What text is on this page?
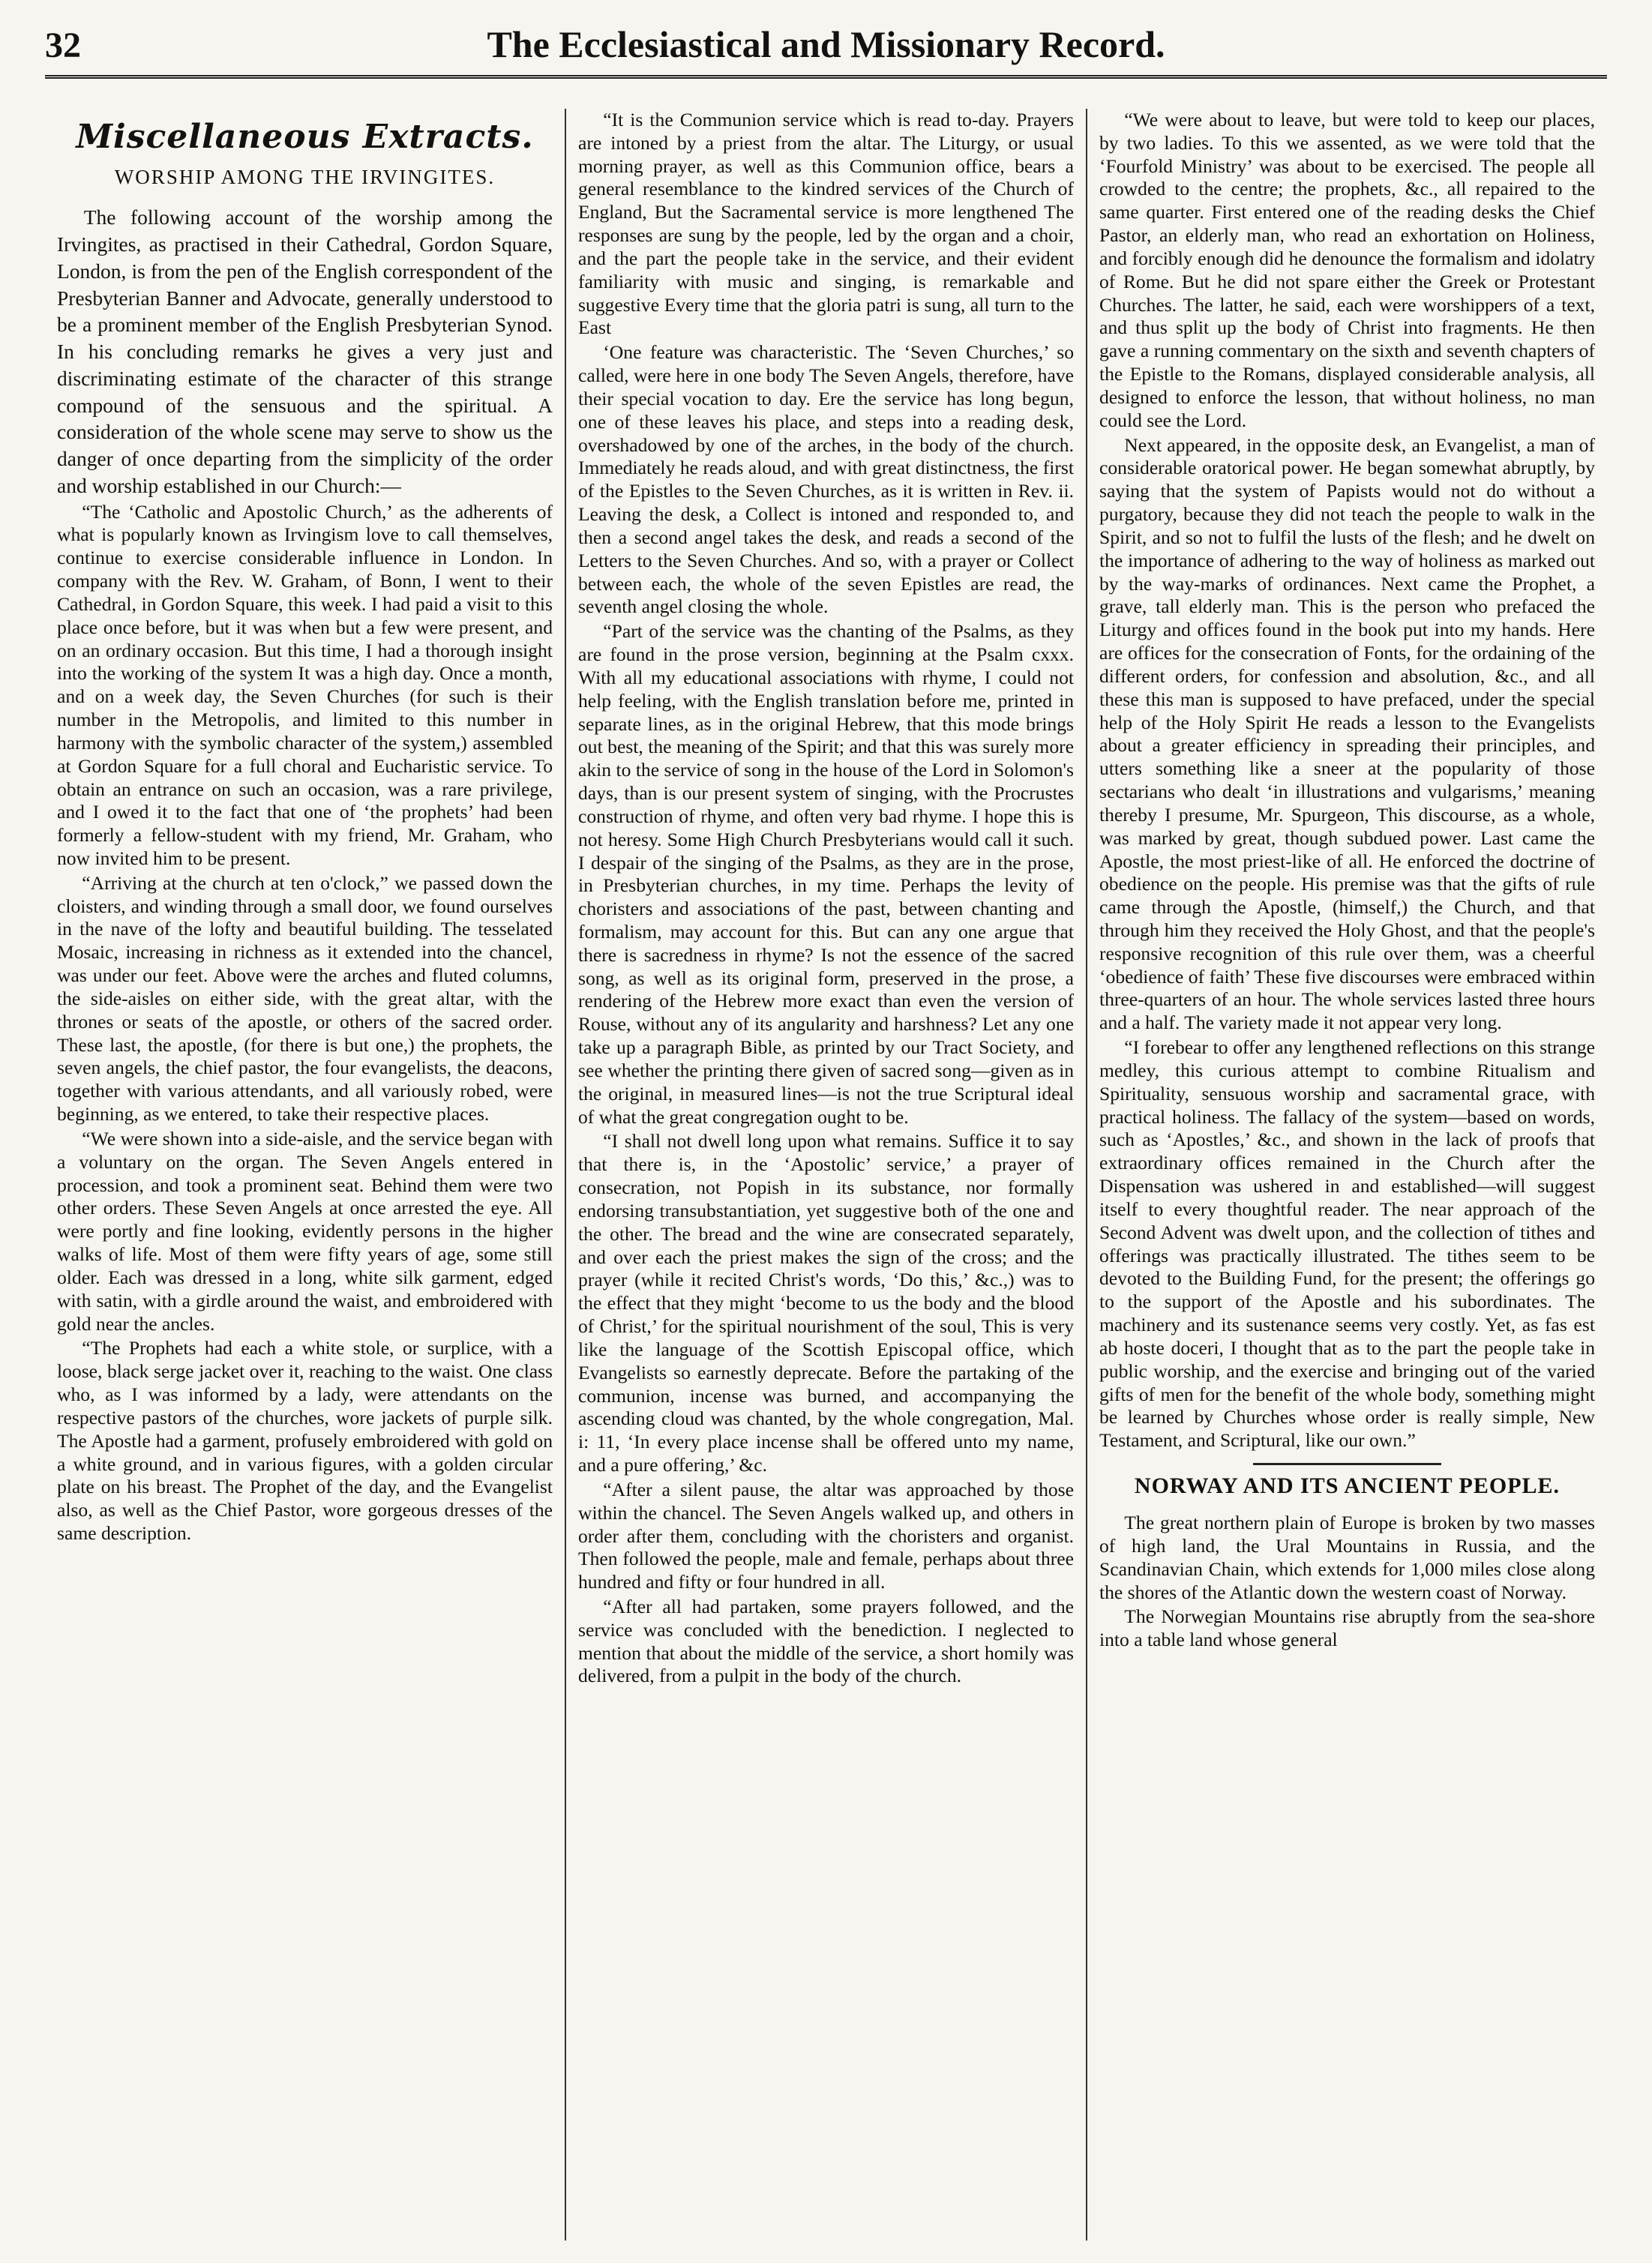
32	The Ecclesiastical and Missionary Record.
Miscellaneous Extracts.
WORSHIP AMONG THE IRVINGITES.

The following account of the worship among the Irvingites, as practised in their Cathedral, Gordon Square, London, is from the pen of the English correspondent of the Presbyterian Banner and Advocate, generally understood to be a prominent member of the English Presbyterian Synod. In his concluding remarks he gives a very just and discriminating estimate of the character of this strange compound of the sensuous and the spiritual. A consideration of the whole scene may serve to show us the danger of once departing from the simplicity of the order and worship established in our Church:—

“The ‘Catholic and Apostolic Church,’ as the adherents of what is popularly known as Irvingism love to call themselves, continue to exercise considerable influence in London. In company with the Rev. W. Graham, of Bonn, I went to their Cathedral, in Gordon Square, this week. I had paid a visit to this place once before, but it was when but a few were present, and on an ordinary occasion. But this time, I had a thorough insight into the working of the system It was a high day. Once a month, and on a week day, the Seven Churches (for such is their number in the Metropolis, and limited to this number in harmony with the symbolic character of the system,) assembled at Gordon Square for a full choral and Eucharistic service. To obtain an entrance on such an occasion, was a rare privilege, and I owed it to the fact that one of ‘the prophets’ had been formerly a fellow-student with my friend, Mr. Graham, who now invited him to be present.

“Arriving at the church at ten o'clock,” we passed down the cloisters, and winding through a small door, we found ourselves in the nave of the lofty and beautiful building. The tesselated Mosaic, increasing in richness as it extended into the chancel, was under our feet. Above were the arches and fluted columns, the side-aisles on either side, with the great altar, with the thrones or seats of the apostle, or others of the sacred order. These last, the apostle, (for there is but one,) the prophets, the seven angels, the chief pastor, the four evangelists, the deacons, together with various attendants, and all variously robed, were beginning, as we entered, to take their respective places.

“We were shown into a side-aisle, and the service began with a voluntary on the organ. The Seven Angels entered in procession, and took a prominent seat. Behind them were two other orders. These Seven Angels at once arrested the eye. All were portly and fine looking, evidently persons in the higher walks of life. Most of them were fifty years of age, some still older. Each was dressed in a long, white silk garment, edged with satin, with a girdle around the waist, and embroidered with gold near the ancles.

“The Prophets had each a white stole, or surplice, with a loose, black serge jacket over it, reaching to the waist. One class who, as I was informed by a lady, were attendants on the respective pastors of the churches, wore jackets of purple silk. The Apostle had a garment, profusely embroidered with gold on a white ground, and in various figures, with a golden circular plate on his breast. The Prophet of the day, and the Evangelist also, as well as the Chief Pastor, wore gorgeous dresses of the same description.

“It is the Communion service which is read to-day. Prayers are intoned by a priest from the altar. The Liturgy, or usual morning prayer, as well as this Communion office, bears a general resemblance to the kindred services of the Church of England, But the Sacramental service is more lengthened The responses are sung by the people, led by the organ and a choir, and the part the people take in the service, and their evident familiarity with music and singing, is remarkable and suggestive Every time that the gloria patri is sung, all turn to the East

‘One feature was characteristic. The ‘Seven Churches,’ so called, were here in one body The Seven Angels, therefore, have their special vocation to day. Ere the service has long begun, one of these leaves his place, and steps into a reading desk, overshadowed by one of the arches, in the body of the church. Immediately he reads aloud, and with great distinctness, the first of the Epistles to the Seven Churches, as it is written in Rev. ii. Leaving the desk, a Collect is intoned and responded to, and then a second angel takes the desk, and reads a second of the Letters to the Seven Churches. And so, with a prayer or Collect between each, the whole of the seven Epistles are read, the seventh angel closing the whole.

“Part of the service was the chanting of the Psalms, as they are found in the prose version, beginning at the Psalm cxxx. With all my educational associations with rhyme, I could not help feeling, with the English translation before me, printed in separate lines, as in the original Hebrew, that this mode brings out best, the meaning of the Spirit; and that this was surely more akin to the service of song in the house of the Lord in Solomon's days, than is our present system of singing, with the Procrustes construction of rhyme, and often very bad rhyme. I hope this is not heresy. Some High Church Presbyterians would call it such. I despair of the singing of the Psalms, as they are in the prose, in Presbyterian churches, in my time. Perhaps the levity of choristers and associations of the past, between chanting and formalism, may account for this. But can any one argue that there is sacredness in rhyme? Is not the essence of the sacred song, as well as its original form, preserved in the prose, a rendering of the Hebrew more exact than even the version of Rouse, without any of its angularity and harshness? Let any one take up a paragraph Bible, as printed by our Tract Society, and see whether the printing there given of sacred song—given as in the original, in measured lines—is not the true Scriptural ideal of what the great congregation ought to be.

“I shall not dwell long upon what remains. Suffice it to say that there is, in the ‘Apostolic’ service,’ a prayer of consecration, not Popish in its substance, nor formally endorsing transubstantiation, yet suggestive both of the one and the other. The bread and the wine are consecrated separately, and over each the priest makes the sign of the cross; and the prayer (while it recited Christ's words, ‘Do this,’ &c.,) was to the effect that they might ‘become to us the body and the blood of Christ,’ for the spiritual nourishment of the soul, This is very like the language of the Scottish Episcopal office, which Evangelists so earnestly deprecate. Before the partaking of the communion, incense was burned, and accompanying the ascending cloud was chanted, by the whole congregation, Mal. i: 11, ‘In every place incense shall be offered unto my name, and a pure offering,’ &c.

“After a silent pause, the altar was approached by those within the chancel. The Seven Angels walked up, and others in order after them, concluding with the choristers and organist. Then followed the people, male and female, perhaps about three hundred and fifty or four hundred in all.

“After all had partaken, some prayers followed, and the service was concluded with the benediction. I neglected to mention that about the middle of the service, a short homily was delivered, from a pulpit in the body of the church.

“We were about to leave, but were told to keep our places, by two ladies. To this we assented, as we were told that the ‘Fourfold Ministry’ was about to be exercised. The people all crowded to the centre; the prophets, &c., all repaired to the same quarter. First entered one of the reading desks the Chief Pastor, an elderly man, who read an exhortation on Holiness, and forcibly enough did he denounce the formalism and idolatry of Rome. But he did not spare either the Greek or Protestant Churches. The latter, he said, each were worshippers of a text, and thus split up the body of Christ into fragments. He then gave a running commentary on the sixth and seventh chapters of the Epistle to the Romans, displayed considerable analysis, all designed to enforce the lesson, that without holiness, no man could see the Lord.

Next appeared, in the opposite desk, an Evangelist, a man of considerable oratorical power. He began somewhat abruptly, by saying that the system of Papists would not do without a purgatory, because they did not teach the people to walk in the Spirit, and so not to fulfil the lusts of the flesh; and he dwelt on the importance of adhering to the way of holiness as marked out by the way-marks of ordinances. Next came the Prophet, a grave, tall elderly man. This is the person who prefaced the Liturgy and offices found in the book put into my hands. Here are offices for the consecration of Fonts, for the ordaining of the different orders, for confession and absolution, &c., and all these this man is supposed to have prefaced, under the special help of the Holy Spirit He reads a lesson to the Evangelists about a greater efficiency in spreading their principles, and utters something like a sneer at the popularity of those sectarians who dealt ‘in illustrations and vulgarisms,’ meaning thereby I presume, Mr. Spurgeon, This discourse, as a whole, was marked by great, though subdued power. Last came the Apostle, the most priest-like of all. He enforced the doctrine of obedience on the people. His premise was that the gifts of rule came through the Apostle, (himself,) the Church, and that through him they received the Holy Ghost, and that the people's responsive recognition of this rule over them, was a cheerful ‘obedience of faith’ These five discourses were embraced within three-quarters of an hour. The whole services lasted three hours and a half. The variety made it not appear very long.

“I forebear to offer any lengthened reflections on this strange medley, this curious attempt to combine Ritualism and Spirituality, sensuous worship and sacramental grace, with practical holiness. The fallacy of the system—based on words, such as ‘Apostles,’ &c., and shown in the lack of proofs that extraordinary offices remained in the Church after the Dispensation was ushered in and established—will suggest itself to every thoughtful reader. The near approach of the Second Advent was dwelt upon, and the collection of tithes and offerings was practically illustrated. The tithes seem to be devoted to the Building Fund, for the present; the offerings go to the support of the Apostle and his subordinates. The machinery and its sustenance seems very costly. Yet, as fas est ab hoste doceri, I thought that as to the part the people take in public worship, and the exercise and bringing out of the varied gifts of men for the benefit of the whole body, something might be learned by Churches whose order is really simple, New Testament, and Scriptural, like our own.”

NORWAY AND ITS ANCIENT PEOPLE.

The great northern plain of Europe is broken by two masses of high land, the Ural Mountains in Russia, and the Scandinavian Chain, which extends for 1,000 miles close along the shores of the Atlantic down the western coast of Norway.

The Norwegian Mountains rise abruptly from the sea-shore into a table land whose general
